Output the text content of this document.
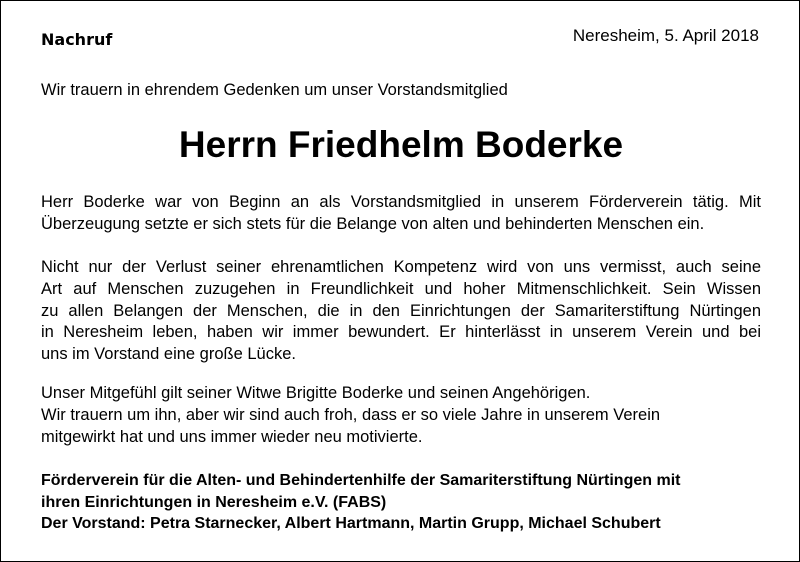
Nachruf	Neresheim, 5. April 2018
Wir trauern in ehrendem Gedenken um unser Vorstandsmitglied
Herrn Friedhelm Boderke
Herr Boderke war von Beginn an als Vorstandsmitglied in unserem Förderverein tätig. Mit
Überzeugung setzte er sich stets für die Belange von alten und behinderten Menschen ein.
Nicht nur der Verlust seiner ehrenamtlichen Kompetenz wird von uns vermisst, auch seine
Art auf Menschen zuzugehen in Freundlichkeit und hoher Mitmenschlichkeit. Sein Wissen
zu allen Belangen der Menschen, die in den Einrichtungen der Samariterstiftung Nürtingen
in Neresheim leben, haben wir immer bewundert. Er hinterlässt in unserem Verein und bei
uns im Vorstand eine große Lücke.
Unser Mitgefühl gilt seiner Witwe Brigitte Boderke und seinen Angehörigen.
Wir trauern um ihn, aber wir sind auch froh, dass er so viele Jahre in unserem Verein
mitgewirkt hat und uns immer wieder neu motivierte.
Förderverein für die Alten- und Behindertenhilfe der Samariterstiftung Nürtingen mit
ihren Einrichtungen in Neresheim e.V. (FABS)
Der Vorstand: Petra Starnecker, Albert Hartmann, Martin Grupp, Michael Schubert
